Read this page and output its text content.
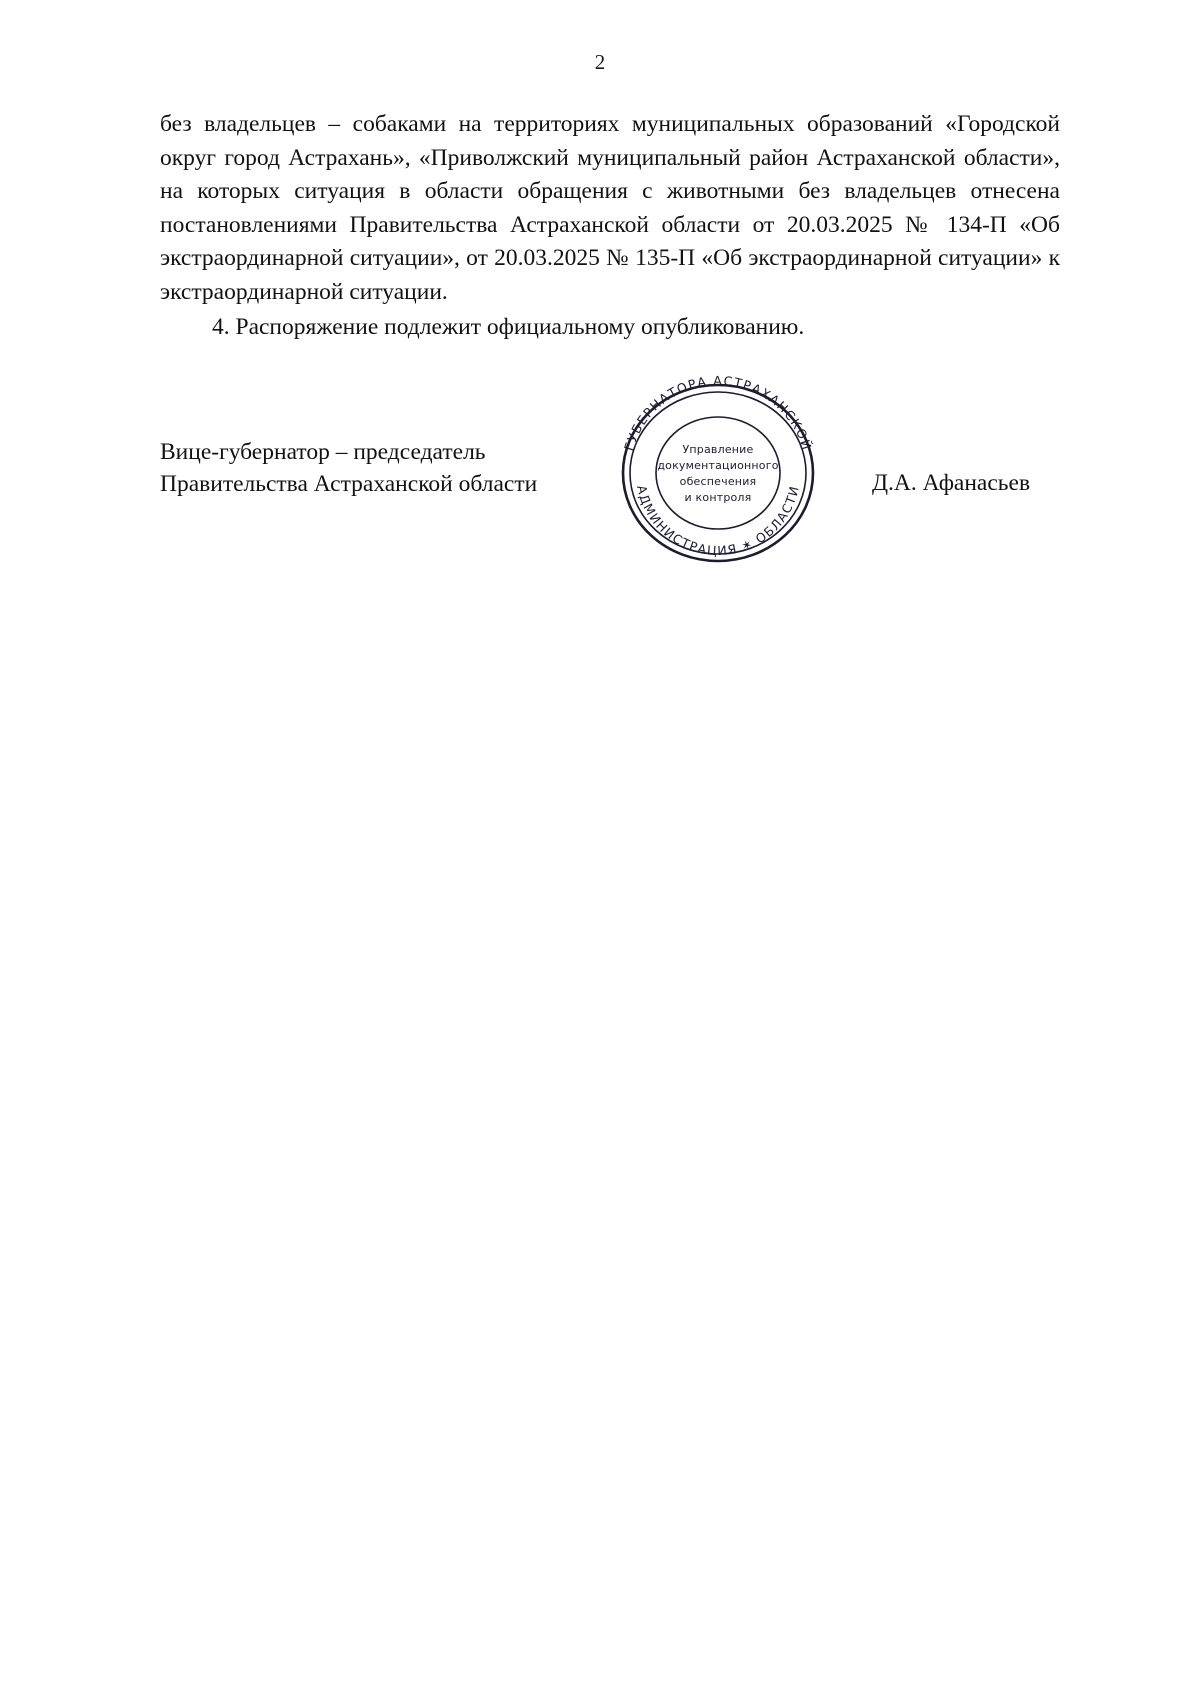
2

без владельцев – собаками на территориях муниципальных образований «Городской округ город Астрахань», «Приволжский муниципальный район Астраханской области», на которых ситуация в области обращения с животными без владельцев отнесена постановлениями Правительства Астраханской области от 20.03.2025 № 134-П «Об экстраординарной ситуации», от 20.03.2025 № 135-П «Об экстраординарной ситуации» к экстраординарной ситуации.

4. Распоряжение подлежит официальному опубликованию.

Вице-губернатор – председатель
Правительства Астраханской области	Д.А. Афанасьев
ГУБЕРНАТОРА АСТРАХАНСКОЙ
АДМИНИСТРАЦИЯ ✶ ОБЛАСТИ
Управление
документационного
обеспечения
и контроля
